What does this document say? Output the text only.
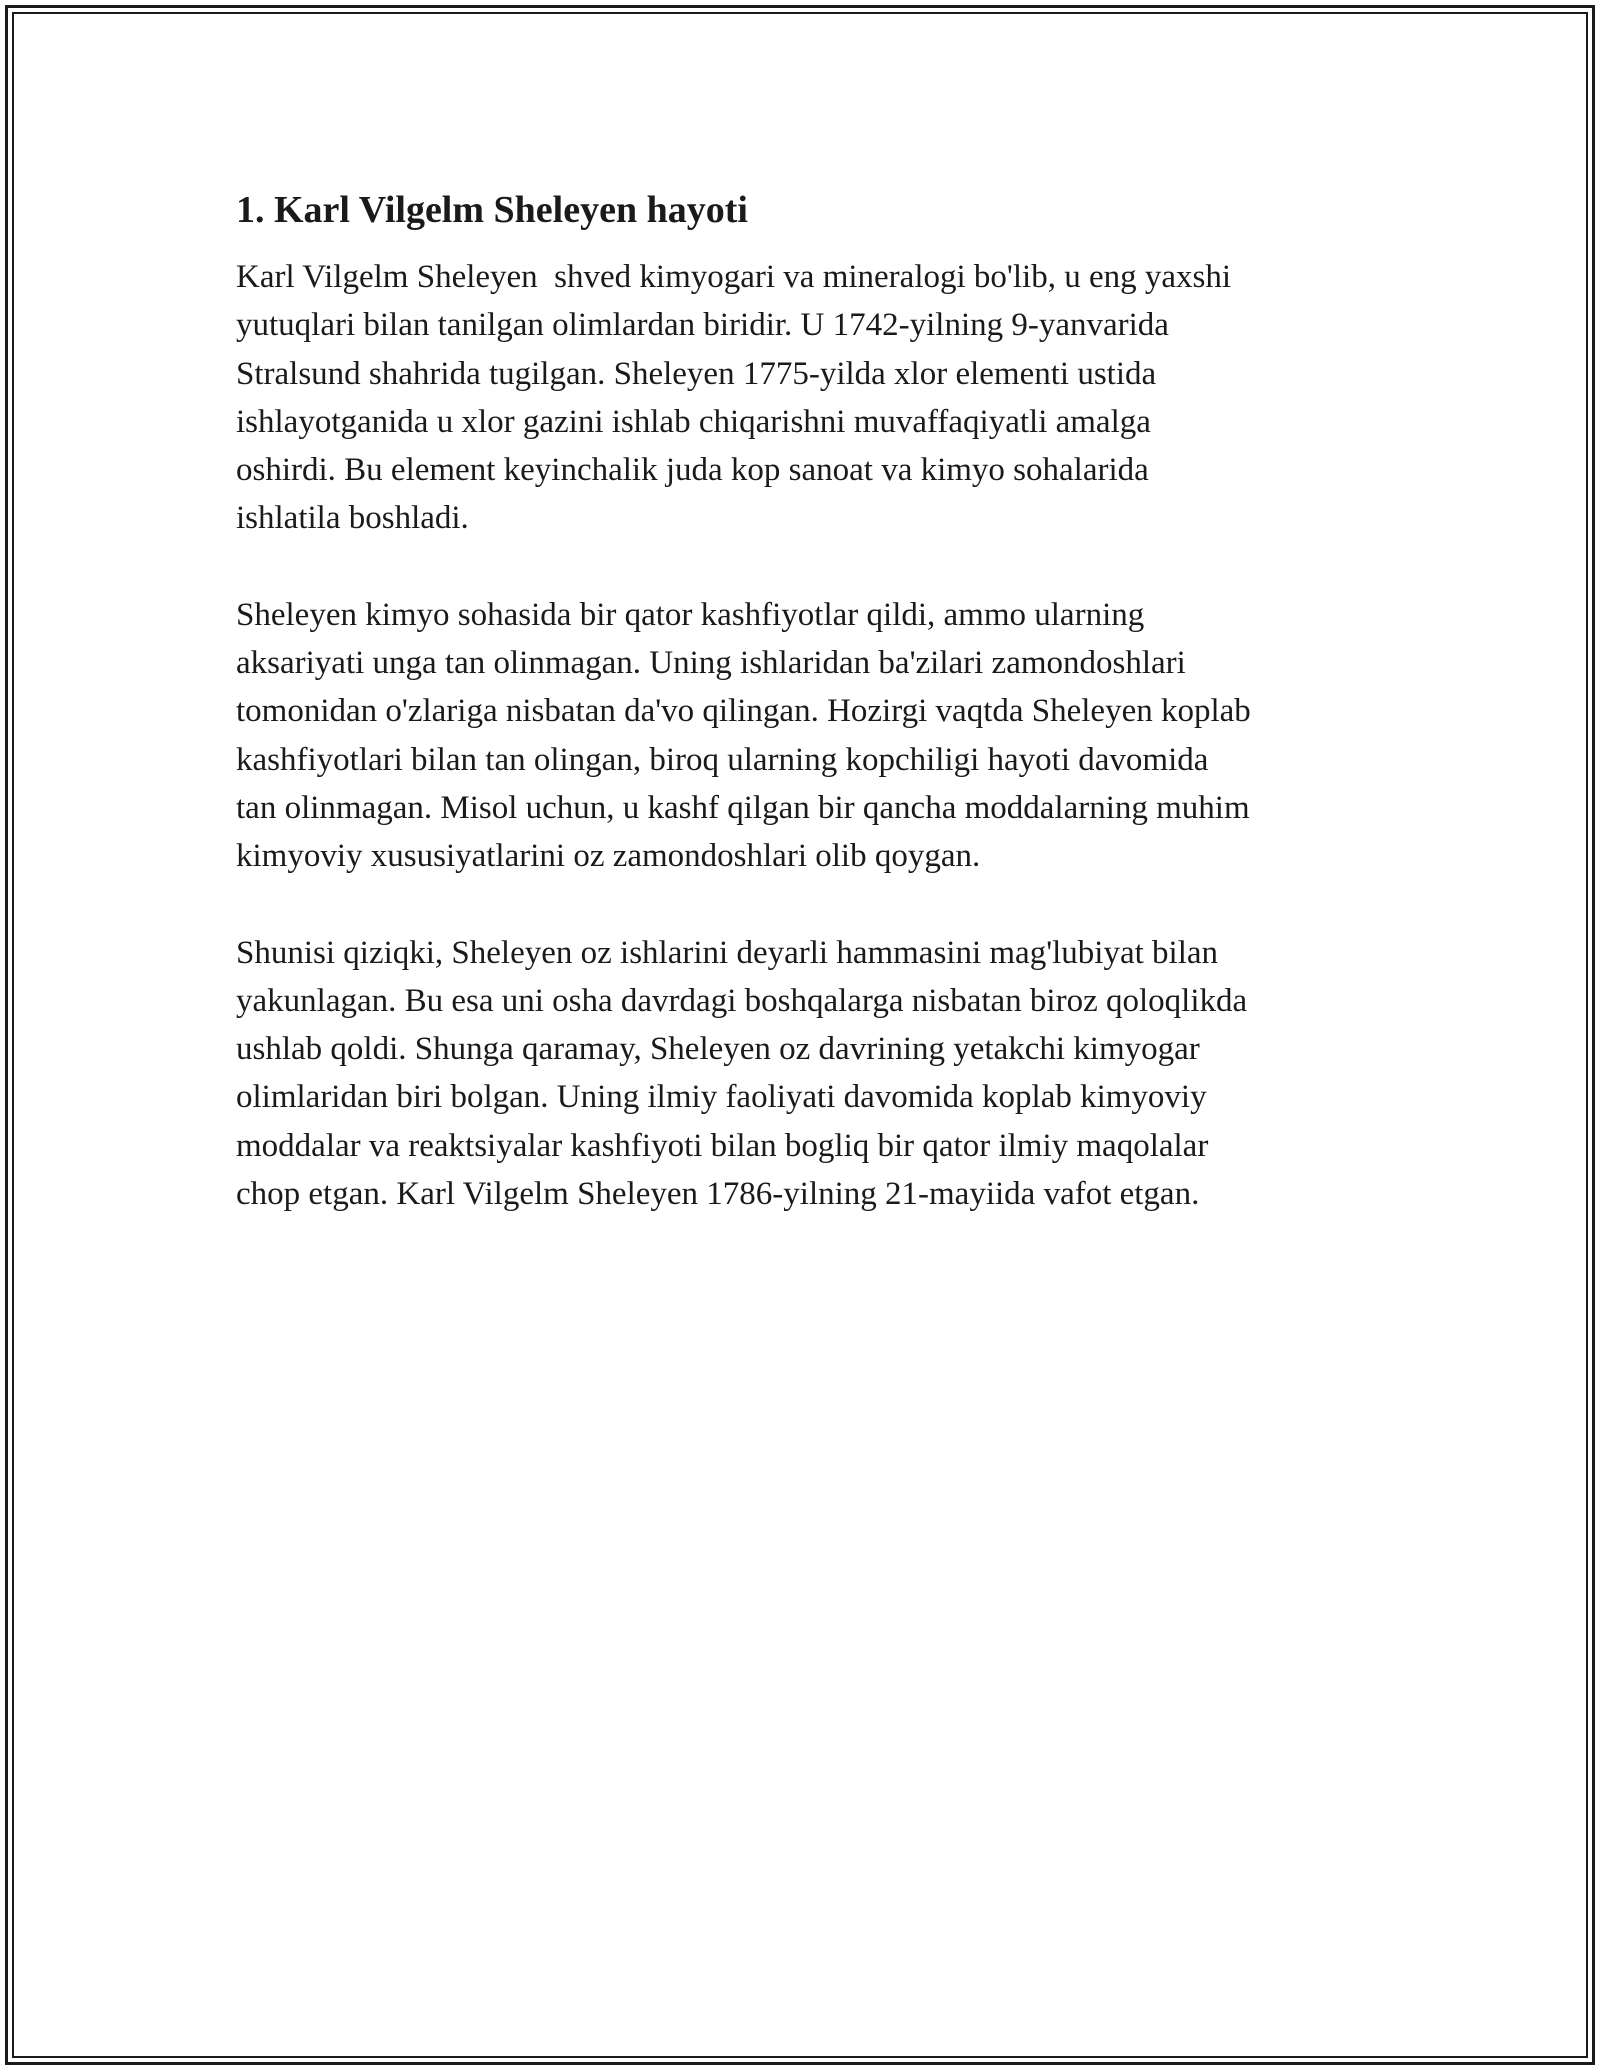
1. Karl Vilgelm Sheleyen hayoti
Karl Vilgelm Sheleyen  shved kimyogari va mineralogi bo'lib, u eng yaxshi
yutuqlari bilan tanilgan olimlardan biridir. U 1742-yilning 9-yanvarida
Stralsund shahrida tugilgan. Sheleyen 1775-yilda xlor elementi ustida
ishlayotganida u xlor gazini ishlab chiqarishni muvaffaqiyatli amalga
oshirdi. Bu element keyinchalik juda kop sanoat va kimyo sohalarida
ishlatila boshladi.
Sheleyen kimyo sohasida bir qator kashfiyotlar qildi, ammo ularning
aksariyati unga tan olinmagan. Uning ishlaridan ba'zilari zamondoshlari
tomonidan o'zlariga nisbatan da'vo qilingan. Hozirgi vaqtda Sheleyen koplab
kashfiyotlari bilan tan olingan, biroq ularning kopchiligi hayoti davomida
tan olinmagan. Misol uchun, u kashf qilgan bir qancha moddalarning muhim
kimyoviy xususiyatlarini oz zamondoshlari olib qoygan.
Shunisi qiziqki, Sheleyen oz ishlarini deyarli hammasini mag'lubiyat bilan
yakunlagan. Bu esa uni osha davrdagi boshqalarga nisbatan biroz qoloqlikda
ushlab qoldi. Shunga qaramay, Sheleyen oz davrining yetakchi kimyogar
olimlaridan biri bolgan. Uning ilmiy faoliyati davomida koplab kimyoviy
moddalar va reaktsiyalar kashfiyoti bilan bogliq bir qator ilmiy maqolalar
chop etgan. Karl Vilgelm Sheleyen 1786-yilning 21-mayiida vafot etgan.
